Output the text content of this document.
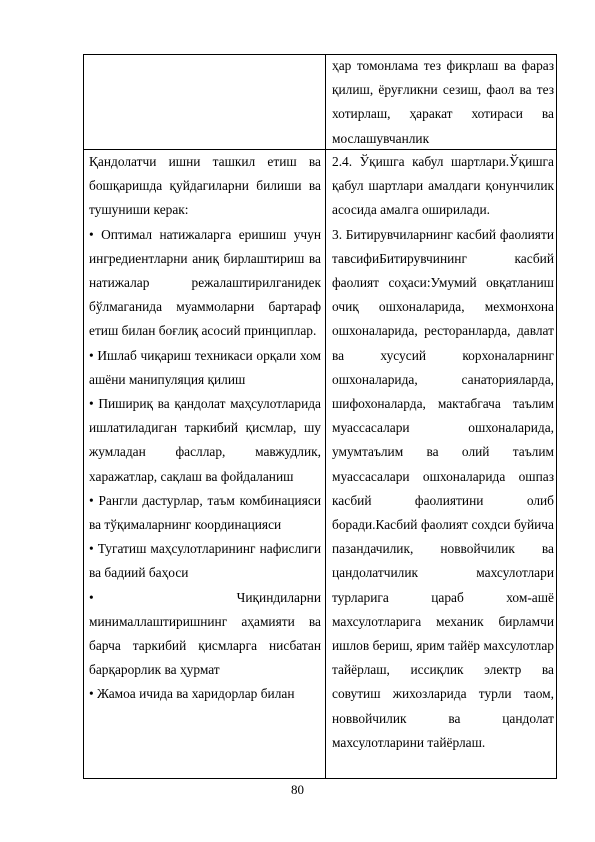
ҳар томонлама тез фикрлаш ва фараз қилиш, ёруғликни сезиш, фаол ва тез хотирлаш, ҳаракат хотираси ва мослашувчанлик

Қандолатчи ишни ташкил етиш ва бошқаришда қуйдагиларни билиши ва тушуниши керак:

• Оптимал натижаларга еришиш учун ингредиентларни аниқ бирлаштириш ва натижалар режалаштирилганидек бўлмаганида муаммоларни бартараф етиш билан боғлиқ асосий принциплар.

• Ишлаб чиқариш техникаси орқали хом ашёни манипуляция қилиш

• Пишириқ ва қандолат маҳсулотларида ишлатиладиган таркибий қисмлар, шу жумладан фасллар, мавжудлик, харажатлар, сақлаш ва фойдаланиш

• Рангли дастурлар, таъм комбинацияси ва тўқималарнинг координацияси

• Тугатиш маҳсулотларининг нафислиги ва бадиий баҳоси

• Чиқиндиларни минималлаштиришнинг аҳамияти ва барча таркибий қисмларга нисбатан барқарорлик ва ҳурмат

• Жамоа ичида ва харидорлар билан

2.4. Ўқишга кабул шартлари.Ўқишга қабул шартлари амалдаги қонунчилик асосида амалга оширилади.

3. Битирувчиларнинг касбий фаолияти тавсифиБитирувчининг касбий фаолият соҳаси:Умумий овқатланиш очиқ ошхоналарида, мехмонхона ошхоналарида, ресторанларда, давлат ва хусусий корхоналарнинг ошхоналарида, санаторияларда, шифохоналарда, мактабгача таълим муассасалари ошхоналарида, умумтаълим ва олий таълим муассасалари ошхоналарида ошпаз касбий фаолиятини олиб боради.Касбий фаолият сохдси буйича пазандачилик, новвойчилик ва цандолатчилик махсулотлари турларига цараб хом-ашё махсулотларига механик бирламчи ишлов бериш, ярим тайёр махсулотлар тайёрлаш, иссиқлик электр ва совутиш жихозларида турли таом, новвойчилик ва цандолат махсулотларини тайёрлаш.

80
